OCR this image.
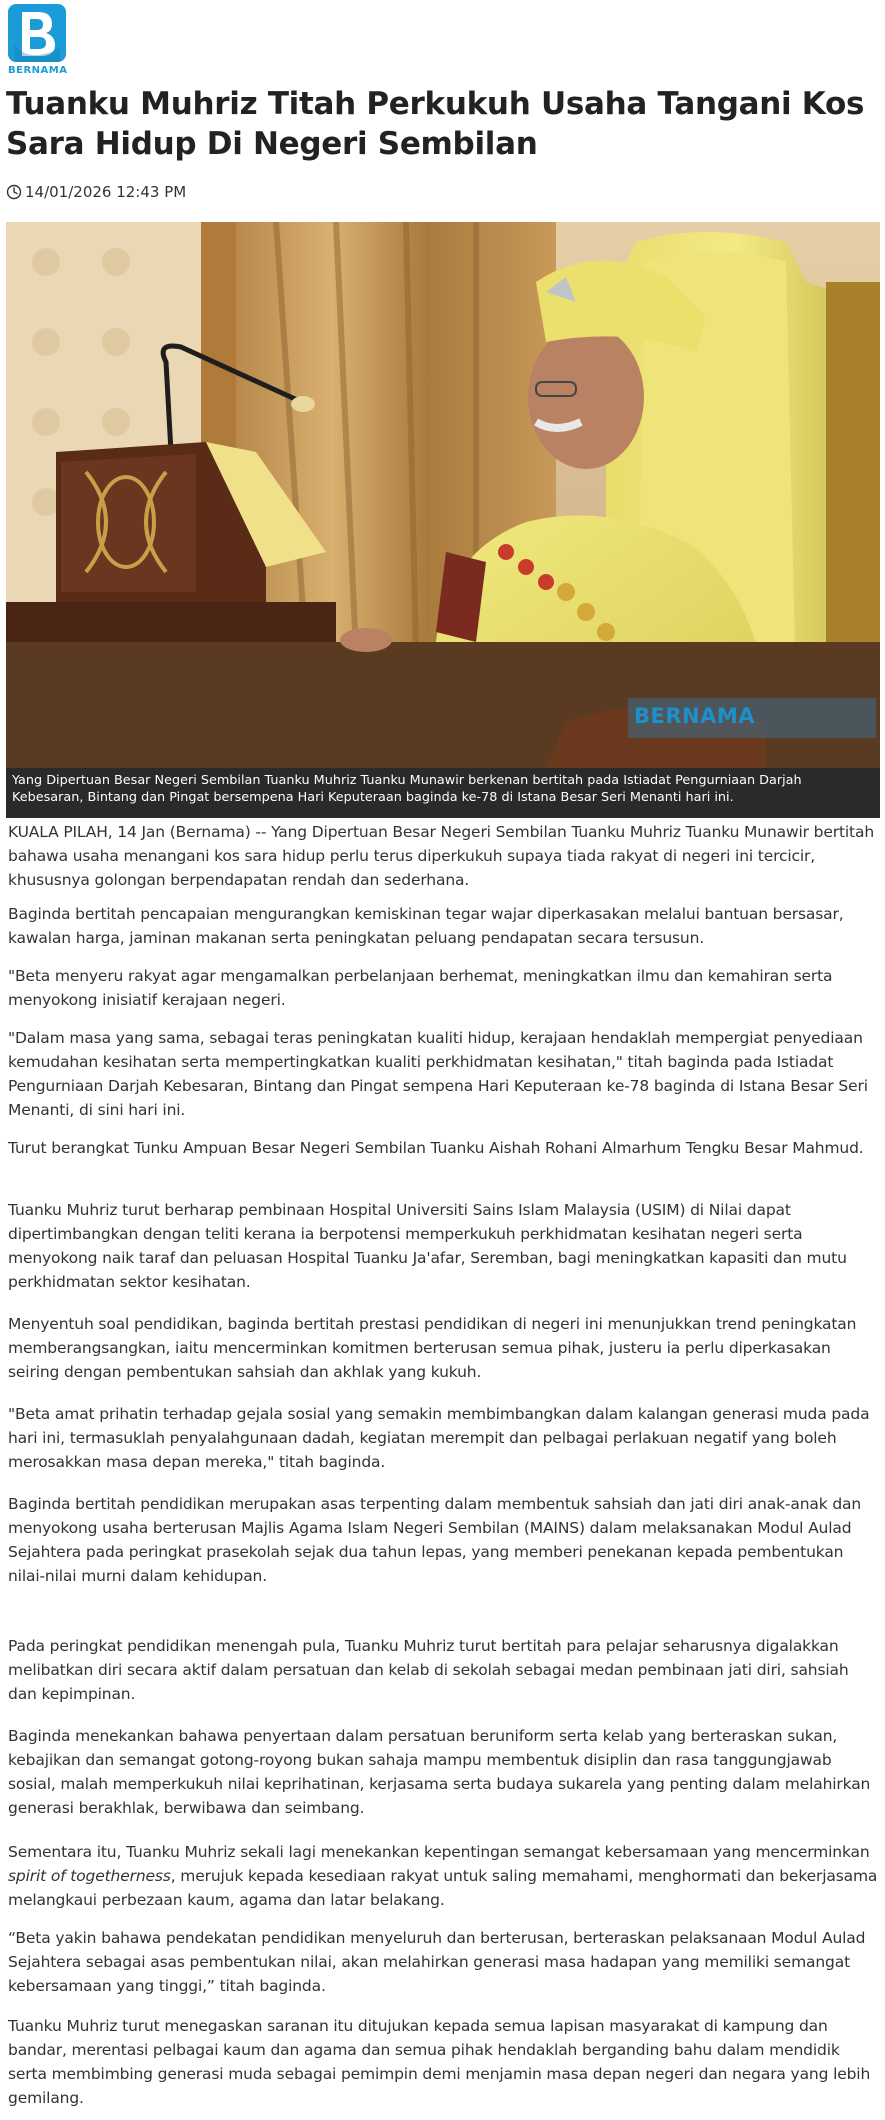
BERNAMA
Tuanku Muhriz Titah Perkukuh Usaha Tangani Kos Sara Hidup Di Negeri Sembilan
14/01/2026 12:43 PM
BERNAMA
Yang Dipertuan Besar Negeri Sembilan Tuanku Muhriz Tuanku Munawir berkenan bertitah pada Istiadat Pengurniaan Darjah Kebesaran, Bintang dan Pingat bersempena Hari Keputeraan baginda ke-78 di Istana Besar Seri Menanti hari ini.

KUALA PILAH, 14 Jan (Bernama) -- Yang Dipertuan Besar Negeri Sembilan Tuanku Muhriz Tuanku Munawir bertitah bahawa usaha menangani kos sara hidup perlu terus diperkukuh supaya tiada rakyat di negeri ini tercicir, khususnya golongan berpendapatan rendah dan sederhana.

Baginda bertitah pencapaian mengurangkan kemiskinan tegar wajar diperkasakan melalui bantuan bersasar, kawalan harga, jaminan makanan serta peningkatan peluang pendapatan secara tersusun.

"Beta menyeru rakyat agar mengamalkan perbelanjaan berhemat, meningkatkan ilmu dan kemahiran serta menyokong inisiatif kerajaan negeri.

"Dalam masa yang sama, sebagai teras peningkatan kualiti hidup, kerajaan hendaklah mempergiat penyediaan kemudahan kesihatan serta mempertingkatkan kualiti perkhidmatan kesihatan," titah baginda pada Istiadat Pengurniaan Darjah Kebesaran, Bintang dan Pingat sempena Hari Keputeraan ke-78 baginda di Istana Besar Seri Menanti, di sini hari ini.

Turut berangkat Tunku Ampuan Besar Negeri Sembilan Tuanku Aishah Rohani Almarhum Tengku Besar Mahmud.

Tuanku Muhriz turut berharap pembinaan Hospital Universiti Sains Islam Malaysia (USIM) di Nilai dapat dipertimbangkan dengan teliti kerana ia berpotensi memperkukuh perkhidmatan kesihatan negeri serta menyokong naik taraf dan peluasan Hospital Tuanku Ja'afar, Seremban, bagi meningkatkan kapasiti dan mutu perkhidmatan sektor kesihatan.

Menyentuh soal pendidikan, baginda bertitah prestasi pendidikan di negeri ini menunjukkan trend peningkatan memberangsangkan, iaitu mencerminkan komitmen berterusan semua pihak, justeru ia perlu diperkasakan seiring dengan pembentukan sahsiah dan akhlak yang kukuh.

"Beta amat prihatin terhadap gejala sosial yang semakin membimbangkan dalam kalangan generasi muda pada hari ini, termasuklah penyalahgunaan dadah, kegiatan merempit dan pelbagai perlakuan negatif yang boleh merosakkan masa depan mereka," titah baginda.

Baginda bertitah pendidikan merupakan asas terpenting dalam membentuk sahsiah dan jati diri anak-anak dan menyokong usaha berterusan Majlis Agama Islam Negeri Sembilan (MAINS) dalam melaksanakan Modul Aulad Sejahtera pada peringkat prasekolah sejak dua tahun lepas, yang memberi penekanan kepada pembentukan nilai-nilai murni dalam kehidupan.

Pada peringkat pendidikan menengah pula, Tuanku Muhriz turut bertitah para pelajar seharusnya digalakkan melibatkan diri secara aktif dalam persatuan dan kelab di sekolah sebagai medan pembinaan jati diri, sahsiah dan kepimpinan.

Baginda menekankan bahawa penyertaan dalam persatuan beruniform serta kelab yang berteraskan sukan, kebajikan dan semangat gotong-royong bukan sahaja mampu membentuk disiplin dan rasa tanggungjawab sosial, malah memperkukuh nilai keprihatinan, kerjasama serta budaya sukarela yang penting dalam melahirkan generasi berakhlak, berwibawa dan seimbang.

Sementara itu, Tuanku Muhriz sekali lagi menekankan kepentingan semangat kebersamaan yang mencerminkan spirit of togetherness, merujuk kepada kesediaan rakyat untuk saling memahami, menghormati dan bekerjasama melangkaui perbezaan kaum, agama dan latar belakang.

“Beta yakin bahawa pendekatan pendidikan menyeluruh dan berterusan, berteraskan pelaksanaan Modul Aulad Sejahtera sebagai asas pembentukan nilai, akan melahirkan generasi masa hadapan yang memiliki semangat kebersamaan yang tinggi,” titah baginda.

Tuanku Muhriz turut menegaskan saranan itu ditujukan kepada semua lapisan masyarakat di kampung dan bandar, merentasi pelbagai kaum dan agama dan semua pihak hendaklah berganding bahu dalam mendidik serta membimbing generasi muda sebagai pemimpin demi menjamin masa depan negeri dan negara yang lebih gemilang.
